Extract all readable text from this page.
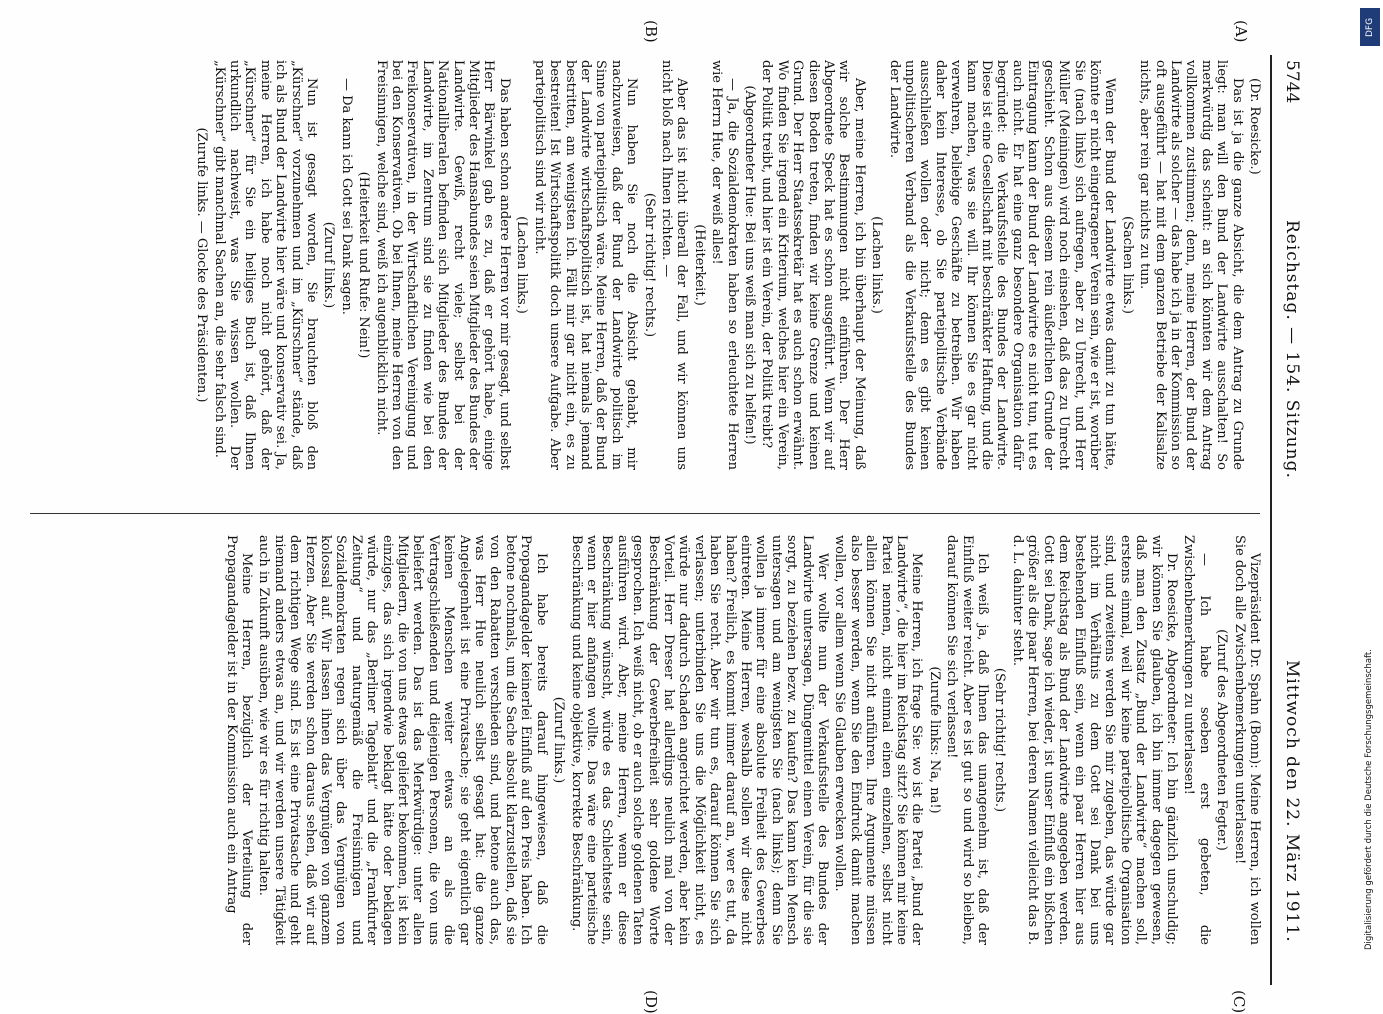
5744
Reichstag. — 154. Sitzung.
Mittwoch den 22. März 1911.
(A)
(B)
(C)
(D)

(Dr. Roesicke.)

Das ist ja die ganze Absicht, die dem Antrag zu Grunde liegt: man will den Bund der Landwirte ausschalten! So merkwürdig das scheint: an sich könnten wir dem Antrag vollkommen zustimmen; denn, meine Herren, der Bund der Landwirte als solcher — das habe ich ja in der Kommission so oft ausgeführt — hat mit dem ganzen Betriebe der Kalisalze nichts, aber rein gar nichts zu tun.

(Sachen links.)

Wenn der Bund der Landwirte etwas damit zu tun hätte, könnte er nicht eingetragener Verein sein, wie er ist, worüber Sie (nach links) sich aufregen, aber zu Unrecht, und Herr Müller (Meiningen) wird noch einsehen, daß das zu Unrecht geschieht. Schon aus diesem rein äußerlichen Grunde der Eintragung kann der Bund der Landwirte es nicht tun, tut es auch nicht. Er hat eine ganz besondere Organisation dafür begründet: die Verkaufsstelle des Bundes der Landwirte. Diese ist eine Gesellschaft mit beschränkter Haftung, und die kann machen, was sie will. Ihr können Sie es gar nicht verwehren, beliebige Geschäfte zu betreiben. Wir haben daher kein Interesse, ob Sie parteipolitische Verbände ausschließen wollen oder nicht; denn es gibt keinen unpolitischeren Verband als die Verkaufsstelle des Bundes der Landwirte.

(Lachen links.)

Aber, meine Herren, ich bin überhaupt der Meinung, daß wir solche Bestimmungen nicht einführen. Der Herr Abgeordnete Speck hat es schon ausgeführt. Wenn wir auf diesen Boden treten, finden wir keine Grenze und keinen Grund. Der Herr Staatssekretär hat es auch schon erwähnt. Wo finden Sie irgend ein Kriterium, welches hier ein Verein, der Politik treibt, und hier ist ein Verein, der Politik treibt?

(Abgeordneter Hue: Bei uns weiß man sich zu helfen!)

— Ja, die Sozialdemokraten haben so erleuchtete Herren wie Herrn Hue, der weiß alles!

(Heiterkeit.)

Aber das ist nicht überall der Fall, und wir können uns nicht bloß nach Ihnen richten. —

(Sehr richtig! rechts.)

Nun haben Sie noch die Absicht gehabt, mir nachzuweisen, daß der Bund der Landwirte politisch im Sinne von parteipolitisch wäre. Meine Herren, daß der Bund der Landwirte wirtschaftspolitisch ist, hat niemals jemand bestritten, am wenigsten ich. Fällt mir gar nicht ein, es zu bestreiten! Ist Wirtschaftspolitik doch unsere Aufgabe. Aber parteipolitisch sind wir nicht.

(Lachen links.)

Das haben schon andere Herren vor mir gesagt, und selbst Herr Bärwinkel gab es zu, daß er gehört habe, einige Mitglieder des Hansabundes seien Mitglieder des Bundes der Landwirte. Gewiß, recht viele; selbst bei der Nationalliberalen befinden sich Mitglieder des Bundes der Landwirte, im Zentrum sind sie zu finden wie bei den Freikonservativen, in der Wirtschaftlichen Vereinigung und bei den Konservativen. Ob bei Ihnen, meine Herren von den Freisinnigen, welche sind, weiß ich augenblicklich nicht.

(Heiterkeit und Rufe: Nein!)

— Da kann ich Gott sei Dank sagen.

(Zuruf links.)

Nun ist gesagt worden, Sie brauchten bloß den „Kürschner“ vorzunehmen und im „Kürschner“ stände, daß ich als Bund der Landwirte hier wäre und konservativ sei. Ja, meine Herren, ich habe noch nicht gehört, daß der „Kürschner“ für Sie ein heiliges Buch ist, daß Ihnen urkundlich nachweist, was Sie wissen wollen. Der „Kürschner“ gibt manchmal Sachen an, die sehr falsch sind.

(Zurufe links. — Glocke des Präsidenten.)

Vizepräsident Dr. Spahn (Bonn): Meine Herren, ich wollen Sie doch alle Zwischenbemerkungen unterlassen!

(Zuruf des Abgeordneten Fegter.)

— Ich habe soeben erst gebeten, die Zwischenbemerkungen zu unterlassen!

Dr. Roesicke, Abgeordneter: Ich bin gänzlich unschuldig; wir können Sie glauben, ich bin immer dagegen gewesen, daß man den Zusatz „Bund der Landwirte“ machen soll, erstens einmal, weil wir keine parteipolitische Organisation sind, und zweitens werden Sie mir zugeben, das würde gar nicht im Verhältnis zu dem Gott sei Dank bei uns bestehenden Einfluß sein, wenn ein paar Herren hier aus dem Reichstag als Bund der Landwirte angegeben werden. Gott sei Dank, sage ich wieder, ist unser Einfluß ein bißchen größer als die paar Herren, bei deren Namen vielleicht das B. d. L. dahinter steht.

(Sehr richtig! rechts.)

Ich weiß ja, daß Ihnen das unangenehm ist, daß der Einfluß weiter reicht. Aber es ist gut so und wird so bleiben, darauf können Sie sich verlassen!

(Zurufe links: Na, na!)

Meine Herren, ich frage Sie: wo ist die Partei „Bund der Landwirte“, die hier im Reichstag sitzt? Sie können mir keine Partei nennen, nicht einmal einen einzelnen, selbst nicht allein können Sie nicht anführen. Ihre Argumente müssen also besser werden, wenn Sie den Eindruck damit machen wollen, vor allem wenn Sie Glauben erwecken wollen.

Wer wollte nun der Verkaufsstelle des Bundes der Landwirte untersagen, Düngemittel einen Verein, für die sie sorgt, zu beziehen bezw. zu kaufen? Das kann kein Mensch untersagen und am wenigsten Sie (nach links); denn Sie wollen ja immer für eine absolute Freiheit des Gewerbes eintreten. Meine Herren, weshalb sollen wir diese nicht haben? Freilich, es kommt immer darauf an, wer es tut, da haben Sie recht. Aber wir tun es, darauf können Sie sich verlassen; unterbinden Sie uns die Möglichkeit nicht, es würde nur dadurch Schaden angerichtet werden, aber kein Vorteil. Herr Dreser hat allerdings neulich mal von der Beschränkung der Gewerbefreiheit sehr goldene Worte gesprochen. Ich weiß nicht, ob er auch solche goldenen Taten ausführen wird. Aber, meine Herren, wenn er diese Beschränkung wünscht, würde es das Schlechteste sein, wenn er hier anfangen wollte. Das wäre eine parteiische Beschränkung und keine objektive, korrekte Beschränkung.

(Zuruf links.)

Ich habe bereits darauf hingewiesen, daß die Propagandagelder keinerlei Einfluß auf den Preis haben. Ich betone nochmals, um die Sache absolut klarzustellen, daß sie von den Rabatten verschieden sind, und betone auch das, was Herr Hue neulich selbst gesagt hat: die ganze Angelegenheit ist eine Privatsache; sie geht eigentlich gar keinen Menschen weiter etwas an als die Vertragschließenden und diejenigen Personen, die von uns beliefert werden. Das ist das Merkwürdige: unter allen Mitgliedern, die von uns etwas geliefert bekommen, ist kein einziges, das sich irgendwie beklagt hätte oder beklagen würde, nur das „Berliner Tageblatt“ und die „Frankfurter Zeitung“ und naturgemäß die Freisinnigen und Sozialdemokraten regen sich über das Vergnügen von kolossal auf. Wir lassen ihnen das Vergnügen von ganzem Herzen. Aber Sie werden schon daraus sehen, daß wir auf dem richtigen Wege sind. Es ist eine Privatsache und geht niemand anders etwas an, und wir werden unsere Tätigkeit auch in Zukunft ausüben, wie wir es für richtig halten.

Meine Herren, bezüglich der Verteilung der Propagandagelder ist in der Kommission auch ein Antrag

DFG
Digitalisierung gefördert durch die Deutsche Forschungsgemeinschaft.
